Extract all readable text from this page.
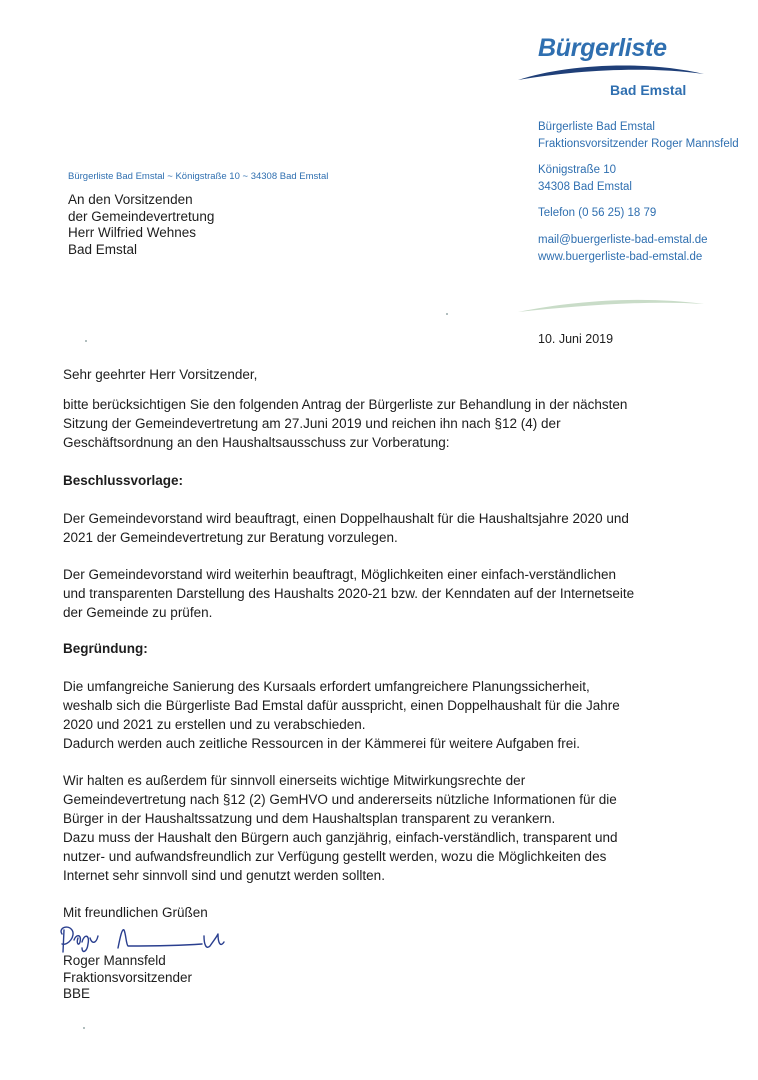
Bürgerliste
Bad Emstal
Bürgerliste Bad Emstal
Fraktionsvorsitzender Roger Mannsfeld
Königstraße 10
34308 Bad Emstal
Telefon (0 56 25) 18 79
mail@buergerliste-bad-emstal.de
www.buergerliste-bad-emstal.de
Bürgerliste Bad Emstal ~ Königstraße 10 ~ 34308 Bad Emstal
An den Vorsitzenden
der Gemeindevertretung
Herr Wilfried Wehnes
Bad Emstal
10. Juni 2019
Sehr geehrter Herr Vorsitzender,
bitte berücksichtigen Sie den folgenden Antrag der Bürgerliste zur Behandlung in der nächsten
Sitzung der Gemeindevertretung am 27.Juni 2019 und reichen ihn nach §12 (4) der
Geschäftsordnung an den Haushaltsausschuss zur Vorberatung:
Beschlussvorlage:
Der Gemeindevorstand wird beauftragt, einen Doppelhaushalt für die Haushaltsjahre 2020 und
2021 der Gemeindevertretung zur Beratung vorzulegen.
Der Gemeindevorstand wird weiterhin beauftragt, Möglichkeiten einer einfach-verständlichen
und transparenten Darstellung des Haushalts 2020-21 bzw. der Kenndaten auf der Internetseite
der Gemeinde zu prüfen.
Begründung:
Die umfangreiche Sanierung des Kursaals erfordert umfangreichere Planungssicherheit,
weshalb sich die Bürgerliste Bad Emstal dafür ausspricht, einen Doppelhaushalt für die Jahre
2020 und 2021 zu erstellen und zu verabschieden.
Dadurch werden auch zeitliche Ressourcen in der Kämmerei für weitere Aufgaben frei.
Wir halten es außerdem für sinnvoll einerseits wichtige Mitwirkungsrechte der
Gemeindevertretung nach §12 (2) GemHVO und andererseits nützliche Informationen für die
Bürger in der Haushaltssatzung und dem Haushaltsplan transparent zu verankern.
Dazu muss der Haushalt den Bürgern auch ganzjährig, einfach-verständlich, transparent und
nutzer- und aufwandsfreundlich zur Verfügung gestellt werden, wozu die Möglichkeiten des
Internet sehr sinnvoll sind und genutzt werden sollten.
Mit freundlichen Grüßen
Roger Mannsfeld
Fraktionsvorsitzender
BBE
